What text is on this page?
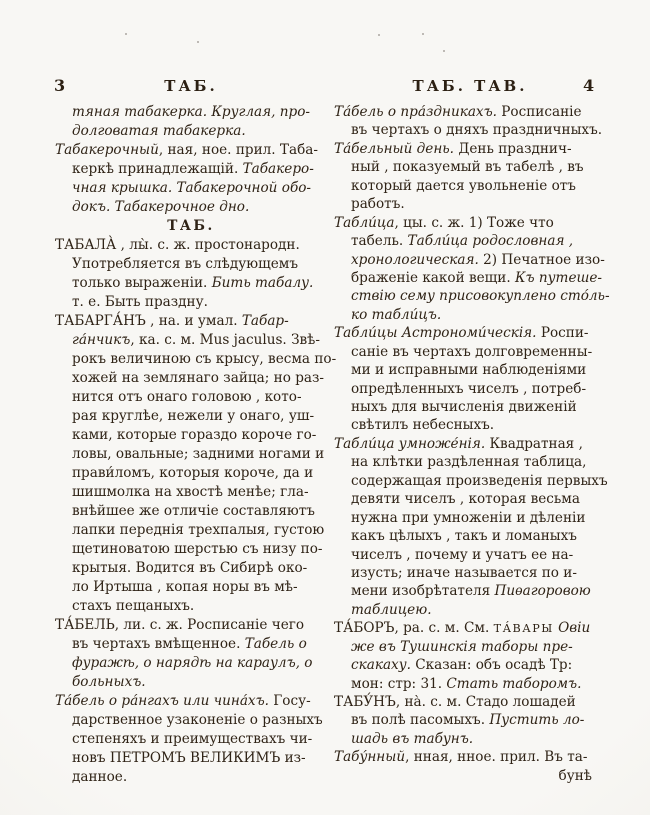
3	ТАБ.	ТАБ. ТАВ.	4
тяная табакерка. Круглая, про-
долговатая табакерка.
Табакерочный, ная, ное. прил. Таба-
керкѣ принадлежащій. Табакеро-
чная крышка. Табакерочной обо-
докъ. Табакерочное дно.
ТАБ.
ТАБАЛА̀ , лы̀. с. ж. простонародн.
Употребляется въ слѣдующемъ
только выраженіи. Бить табалу.
т. е. Быть праздну.
ТАБАРГА́НЪ , на. и умал. Табар-
га́нчикъ, ка. с. м. Mus jaculus. Звѣ-
рокъ величиною съ крысу, весма по-
хожей на землянаго зайца; но раз-
нится отъ онаго головою , кото-
рая круглѣе, нежели у онаго, уш-
ками, которые гораздо короче го-
ловы, овальные; задними ногами и
прави́ломъ, которыя короче, да и
шишмолка на хвостѣ менѣе; гла-
внѣйшее же отличіе составляютъ
лапки переднія трехпалыя, густою
щетиноватою шерстью съ низу по-
крытыя. Водится въ Сибирѣ око-
ло Иртыша , копая норы въ мѣ-
стахъ пещаныхъ.
ТА́БЕЛЬ, ли. с. ж. Росписаніе чего
въ чертахъ вмѣщенное. Табель о
фуражѣ, о нарядѣ на караулъ, о
больныхъ.
Та́бель о ра́нгахъ или чина́хъ. Госу-
дарственное узаконеніе о разныхъ
степеняхъ и преимуществахъ чи-
новъ ПЕТРОМЪ ВЕЛИКИМЪ из-
данное.
Та́бель о пра́здникахъ. Росписаніе
въ чертахъ о дняхъ праздничныхъ.
Та́бельный день. День празднич-
ный , показуемый въ табелѣ , въ
который дается увольненіе отъ
работъ.
Табли́ца, цы. с. ж. 1) Тоже что
табель. Табли́ца родословная ,
хронологическая. 2) Печатное изо-
браженіе какой вещи. Къ путеше-
ствію сему присовокуплено сто́ль-
ко табли́цъ.
Табли́цы Астрономи́ческія. Роспи-
саніе въ чертахъ долговременны-
ми и исправными наблюденіями
опредѣленныхъ чиселъ , потреб-
ныхъ для вычисленія движеній
свѣтилъ небесныхъ.
Табли́ца умноже́нія. Квадратная ,
на клѣтки раздѣленная таблица,
содержащая произведенія первыхъ
девяти чиселъ , которая весьма
нужна при умноженіи и дѣленіи
какъ цѣлыхъ , такъ и ломаныхъ
чиселъ , почему и учатъ ее на-
изусть; иначе называется по и-
мени изобрѣтателя Пиѳагоровою
таблицею.
ТА́БОРЪ, ра. с. м. См. ТА́ВАРЫ Овіи
же въ Тушинскія таборы пре-
скакаху. Сказан: объ осадѣ Тр:
мон: стр: 31. Стать таборомъ.
ТАБУ́НЪ, на̀. с. м. Стадо лошадей
въ полѣ пасомыхъ. Пустить ло-
шадь въ табунъ.
Табу́нный, нная, нное. прил. Въ та-
бунѣ
